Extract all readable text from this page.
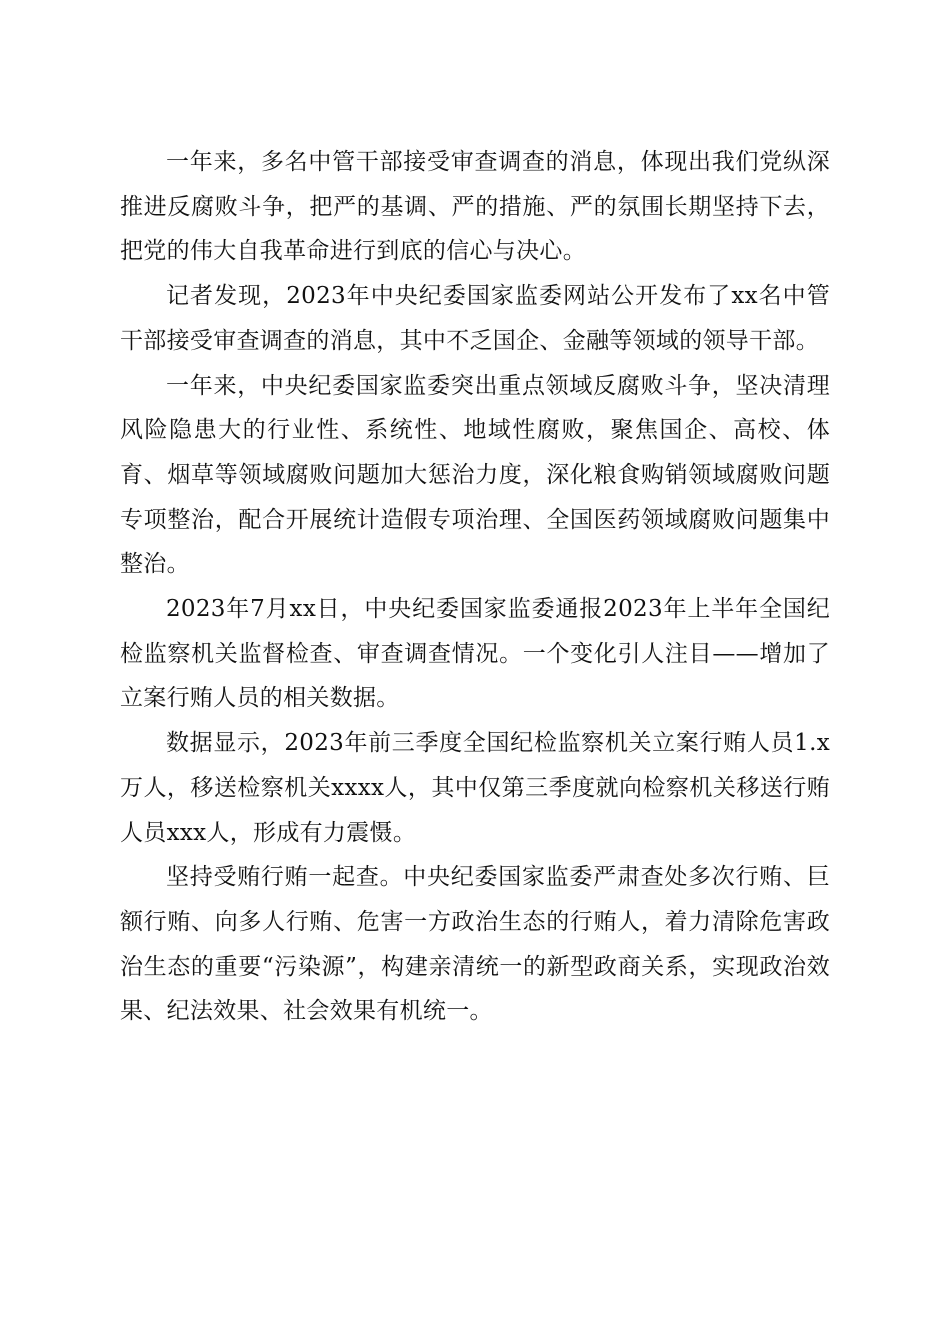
一年来，多名中管干部接受审查调查的消息，体现出我们党纵深推进反腐败斗争，把严的基调、严的措施、严的氛围长期坚持下去，把党的伟大自我革命进行到底的信心与决心。

记者发现，2023年中央纪委国家监委网站公开发布了xx名中管干部接受审查调查的消息，其中不乏国企、金融等领域的领导干部。

一年来，中央纪委国家监委突出重点领域反腐败斗争，坚决清理风险隐患大的行业性、系统性、地域性腐败，聚焦国企、高校、体育、烟草等领域腐败问题加大惩治力度，深化粮食购销领域腐败问题专项整治，配合开展统计造假专项治理、全国医药领域腐败问题集中整治。

2023年7月xx日，中央纪委国家监委通报2023年上半年全国纪检监察机关监督检查、审查调查情况。一个变化引人注目——增加了立案行贿人员的相关数据。

数据显示，2023年前三季度全国纪检监察机关立案行贿人员1.x万人，移送检察机关xxxx人，其中仅第三季度就向检察机关移送行贿人员xxx人，形成有力震慑。

坚持受贿行贿一起查。中央纪委国家监委严肃查处多次行贿、巨额行贿、向多人行贿、危害一方政治生态的行贿人，着力清除危害政治生态的重要“污染源”，构建亲清统一的新型政商关系，实现政治效果、纪法效果、社会效果有机统一。
